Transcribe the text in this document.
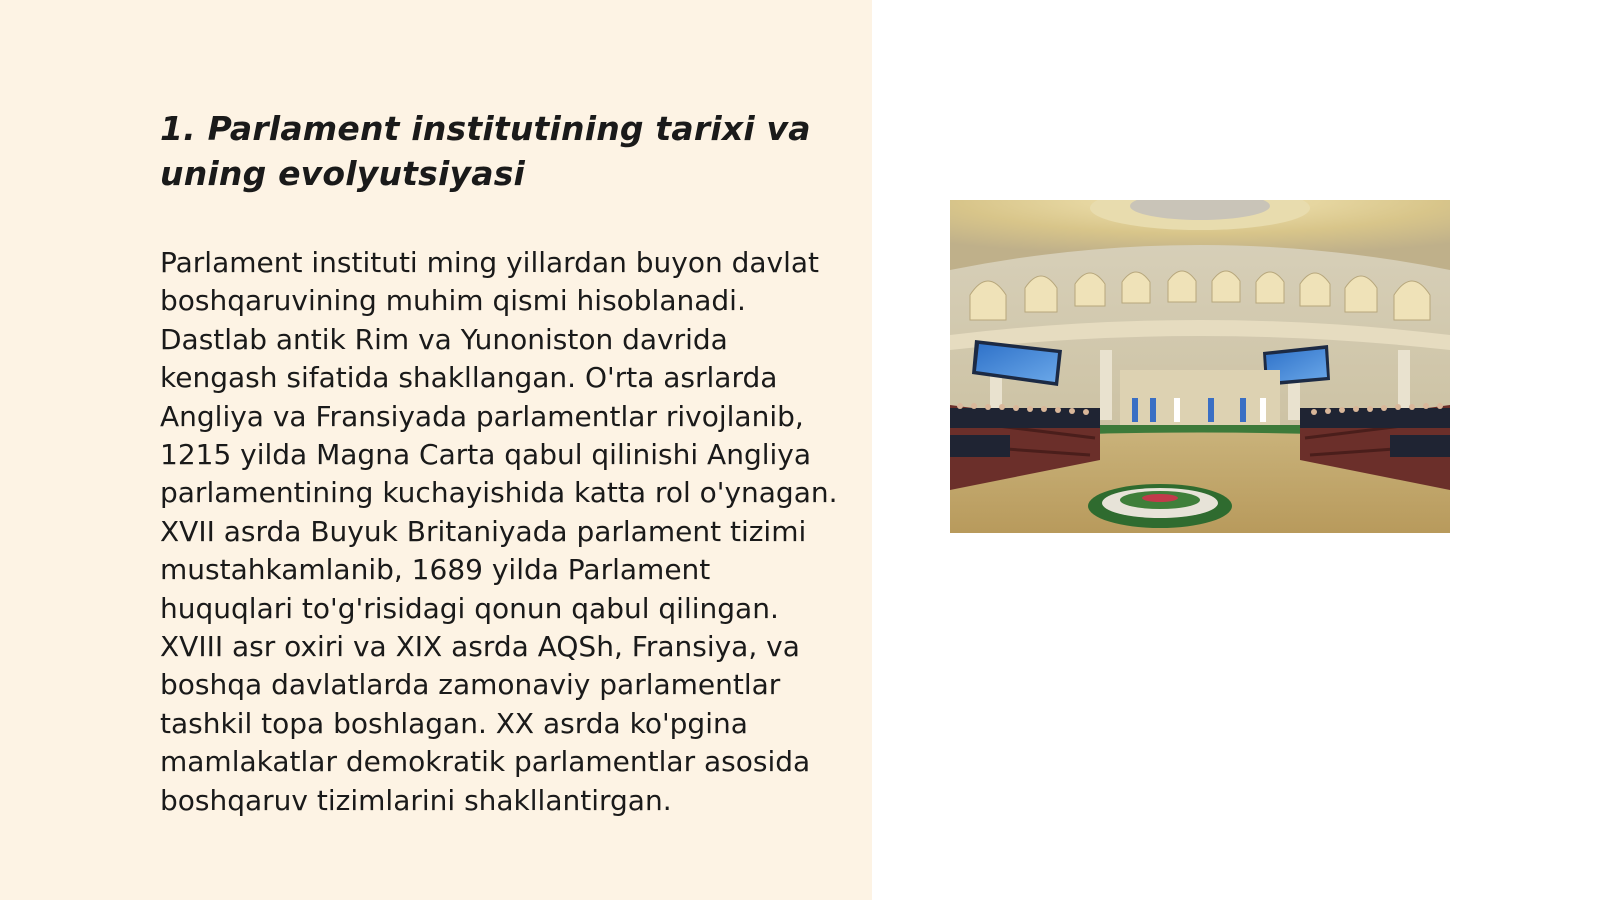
1. Parlament institutining tarixi va uning evolyutsiyasi

Parlament instituti ming yillardan buyon davlat boshqaruvining muhim qismi hisoblanadi. Dastlab antik Rim va Yunoniston davrida kengash sifatida shakllangan. O'rta asrlarda Angliya va Fransiyada parlamentlar rivojlanib, 1215 yilda Magna Carta qabul qilinishi Angliya parlamentining kuchayishida katta rol o'ynagan. XVII asrda Buyuk Britaniyada parlament tizimi mustahkamlanib, 1689 yilda Parlament huquqlari to'g'risidagi qonun qabul qilingan. XVIII asr oxiri va XIX asrda AQSh, Fransiya, va boshqa davlatlarda zamonaviy parlamentlar tashkil topa boshlagan. XX asrda ko'pgina mamlakatlar demokratik parlamentlar asosida boshqaruv tizimlarini shakllantirgan.
